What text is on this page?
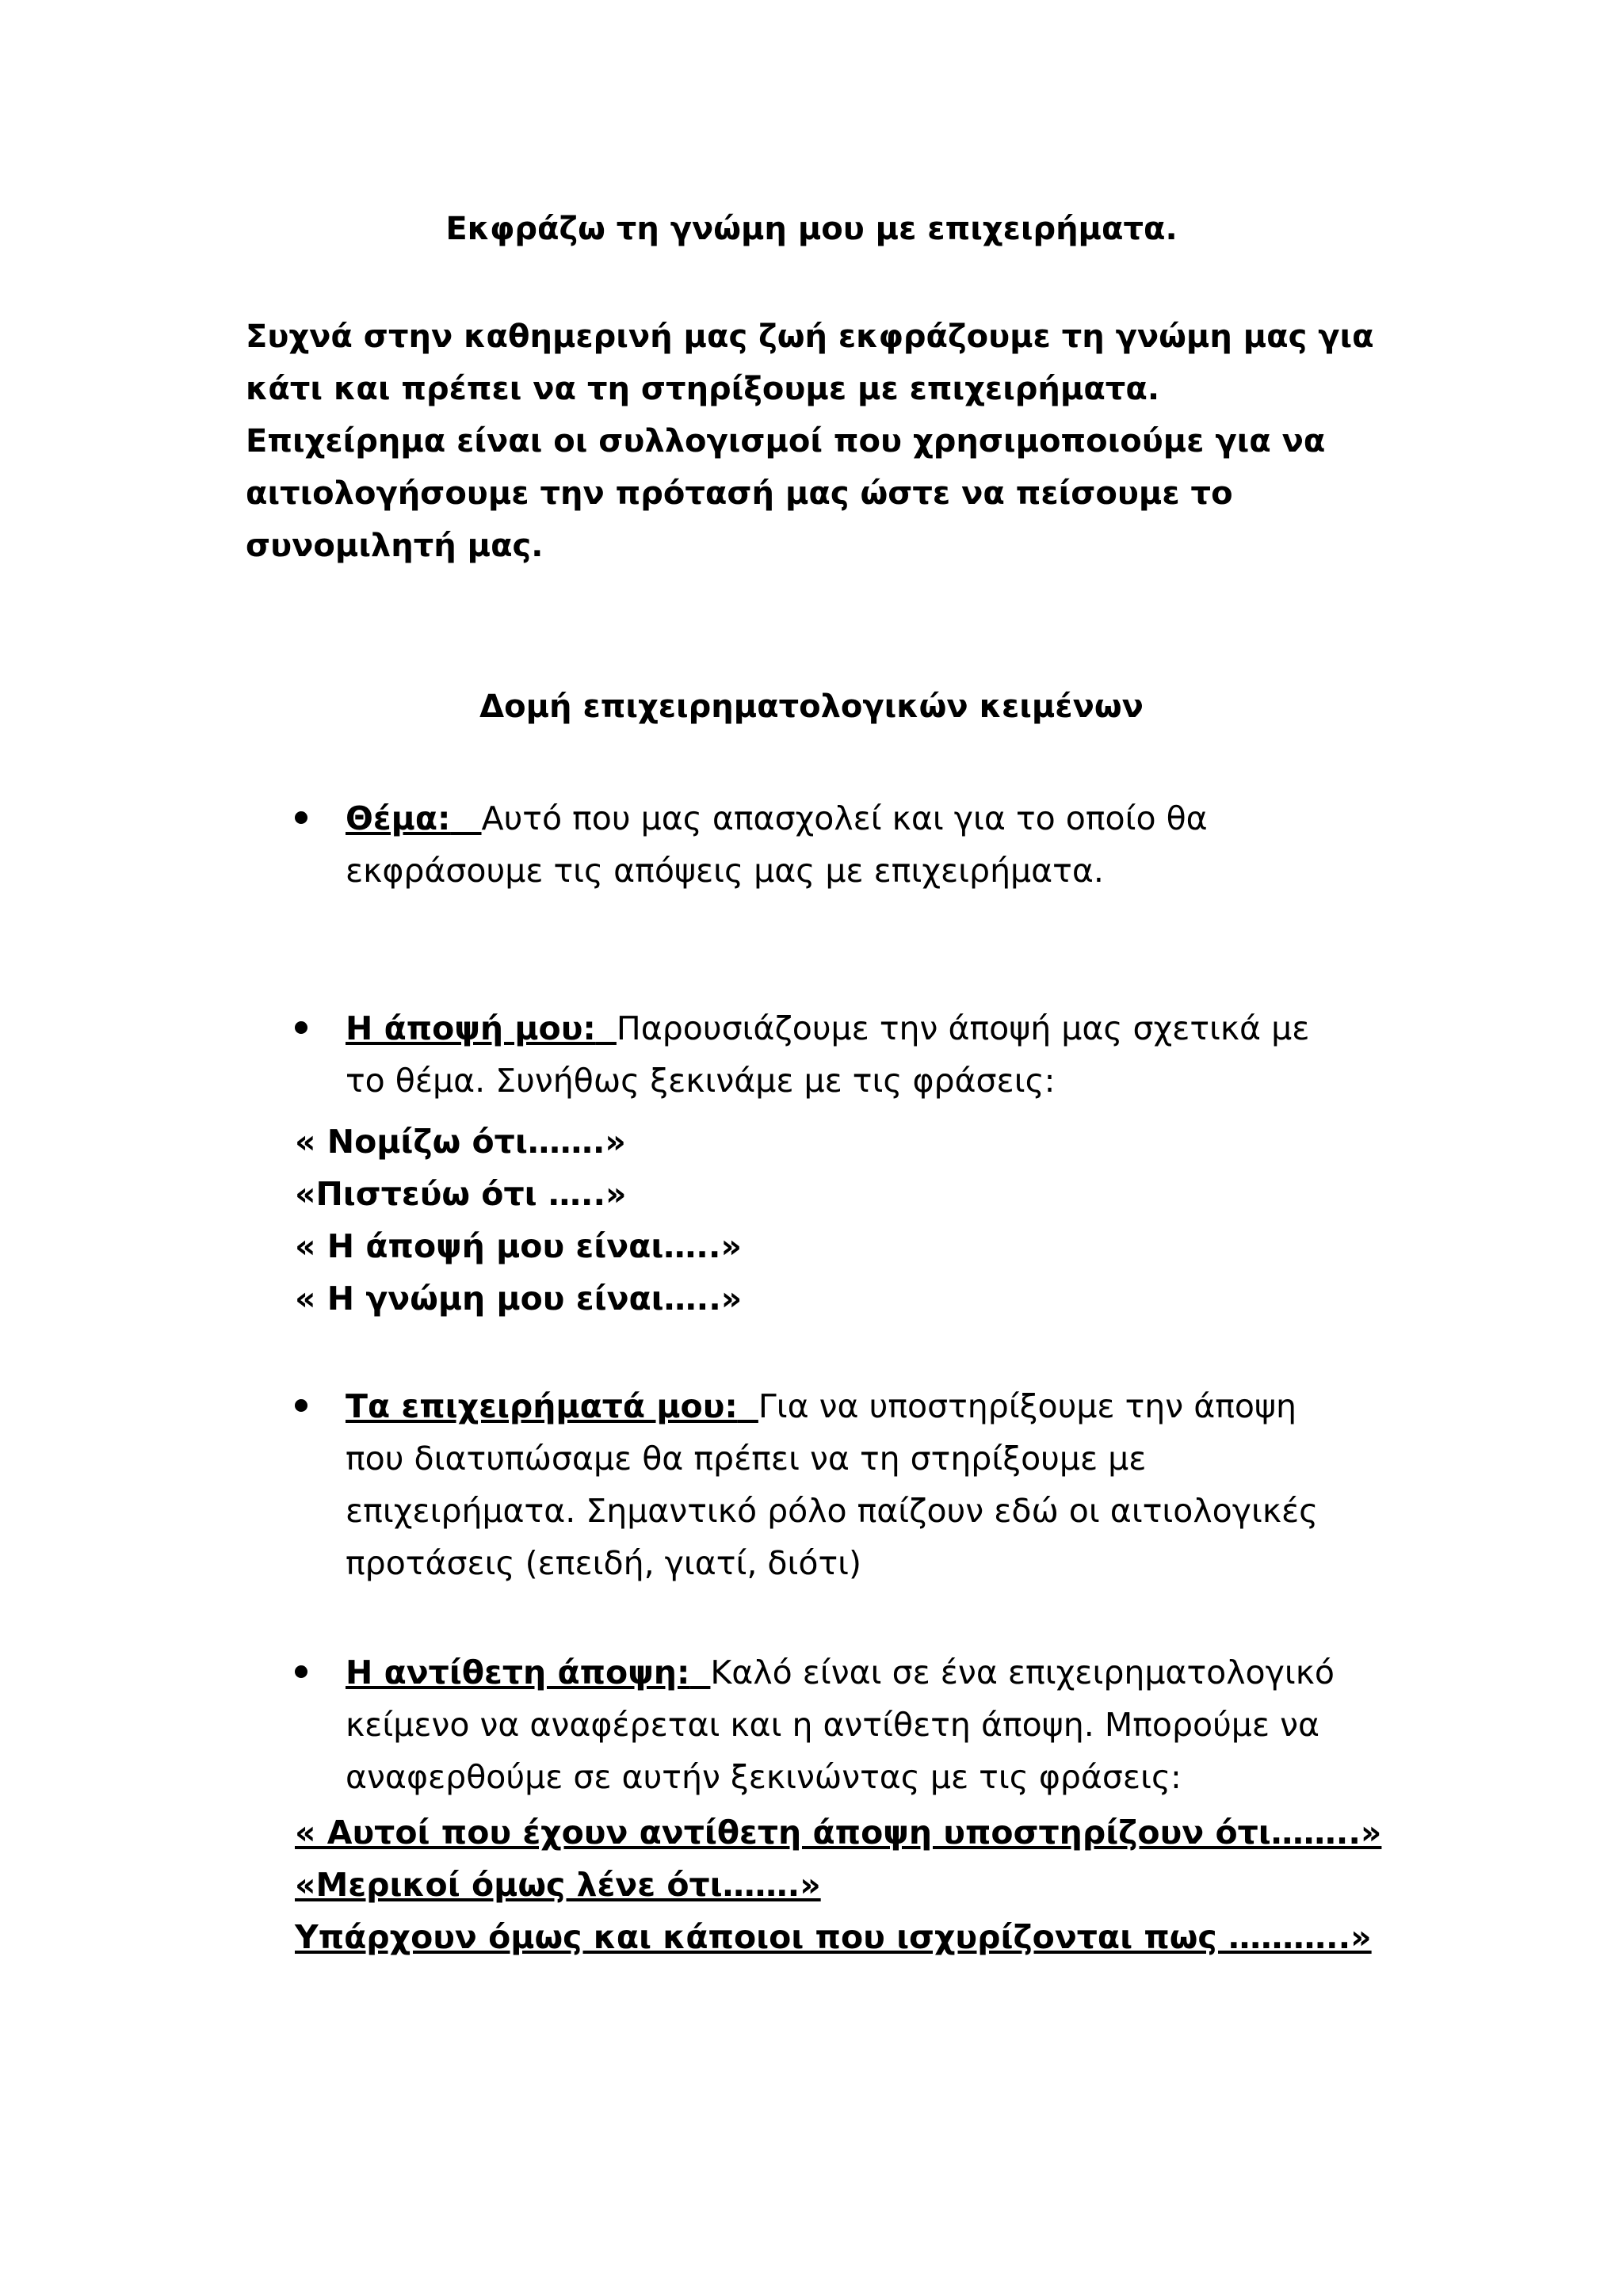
Εκφράζω τη γνώμη μου με επιχειρήματα.
Συχνά στην καθημερινή μας ζωή εκφράζουμε τη γνώμη μας για
κάτι και πρέπει να τη στηρίξουμε με επιχειρήματα.
Επιχείρημα είναι οι συλλογισμοί που χρησιμοποιούμε για να
αιτιολογήσουμε την πρότασή μας ώστε να πείσουμε το
συνομιλητή μας.
Δομή επιχειρηματολογικών κειμένων
Θέμα: Αυτό που μας απασχολεί και για το οποίο θα
εκφράσουμε τις απόψεις μας με επιχειρήματα.
Η άποψή μου: Παρουσιάζουμε την άποψή μας σχετικά με
το θέμα. Συνήθως ξεκινάμε με τις φράσεις:
« Νομίζω ότι…….»
«Πιστεύω ότι …..»
« Η άποψή μου είναι…..»
« Η γνώμη μου είναι…..»
Τα επιχειρήματά μου: Για να υποστηρίξουμε την άποψη
που διατυπώσαμε θα πρέπει να τη στηρίξουμε με
επιχειρήματα. Σημαντικό ρόλο παίζουν εδώ οι αιτιολογικές
προτάσεις (επειδή, γιατί, διότι)
Η αντίθετη άποψη: Καλό είναι σε ένα επιχειρηματολογικό
κείμενο να αναφέρεται και η αντίθετη άποψη. Μπορούμε να
αναφερθούμε σε αυτήν ξεκινώντας με τις φράσεις:
« Αυτοί που έχουν αντίθετη άποψη υποστηρίζουν ότι……..»
«Μερικοί όμως λένε ότι…….»
Υπάρχουν όμως και κάποιοι που ισχυρίζονται πως ………..»
